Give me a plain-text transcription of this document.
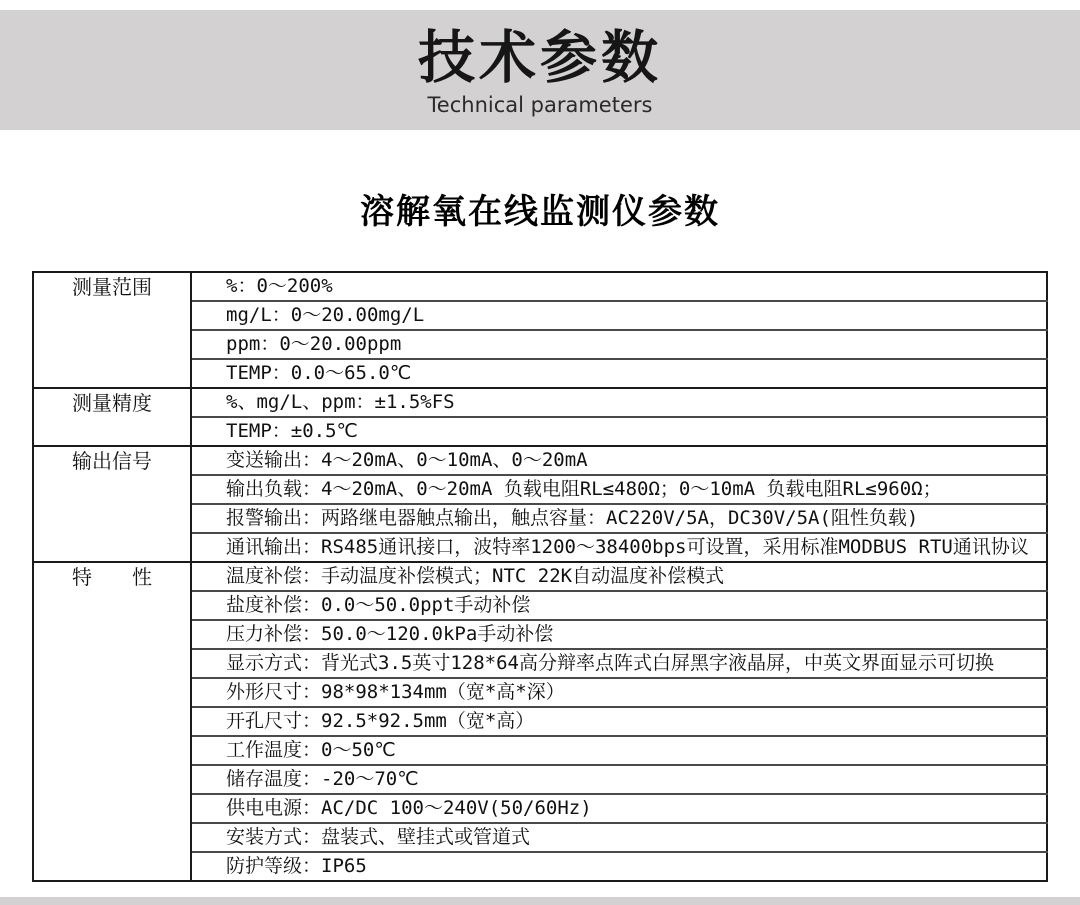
技术参数
Technical parameters
溶解氧在线监测仪参数
测量范围	%：0～200%
	mg/L：0～20.00mg/L
	ppm：0～20.00ppm
	TEMP：0.0～65.0℃
测量精度	%、mg/L、ppm：±1.5%FS
	TEMP：±0.5℃
输出信号	变送输出：4～20mA、0～10mA、0～20mA
	输出负载：4～20mA、0～20mA 负载电阻RL≤480Ω；0～10mA 负载电阻RL≤960Ω；
	报警输出：两路继电器触点输出，触点容量：AC220V/5A，DC30V/5A(阻性负载)
	通讯输出：RS485通讯接口，波特率1200～38400bps可设置，采用标准MODBUS RTU通讯协议
特　　性	温度补偿：手动温度补偿模式；NTC 22K自动温度补偿模式
	盐度补偿：0.0～50.0ppt手动补偿
	压力补偿：50.0～120.0kPa手动补偿
	显示方式：背光式3.5英寸128*64高分辩率点阵式白屏黑字液晶屏，中英文界面显示可切换
	外形尺寸：98*98*134mm（宽*高*深）
	开孔尺寸：92.5*92.5mm（宽*高）
	工作温度：0～50℃
	储存温度：-20～70℃
	供电电源：AC/DC 100～240V(50/60Hz)
	安装方式：盘装式、壁挂式或管道式
	防护等级：IP65
